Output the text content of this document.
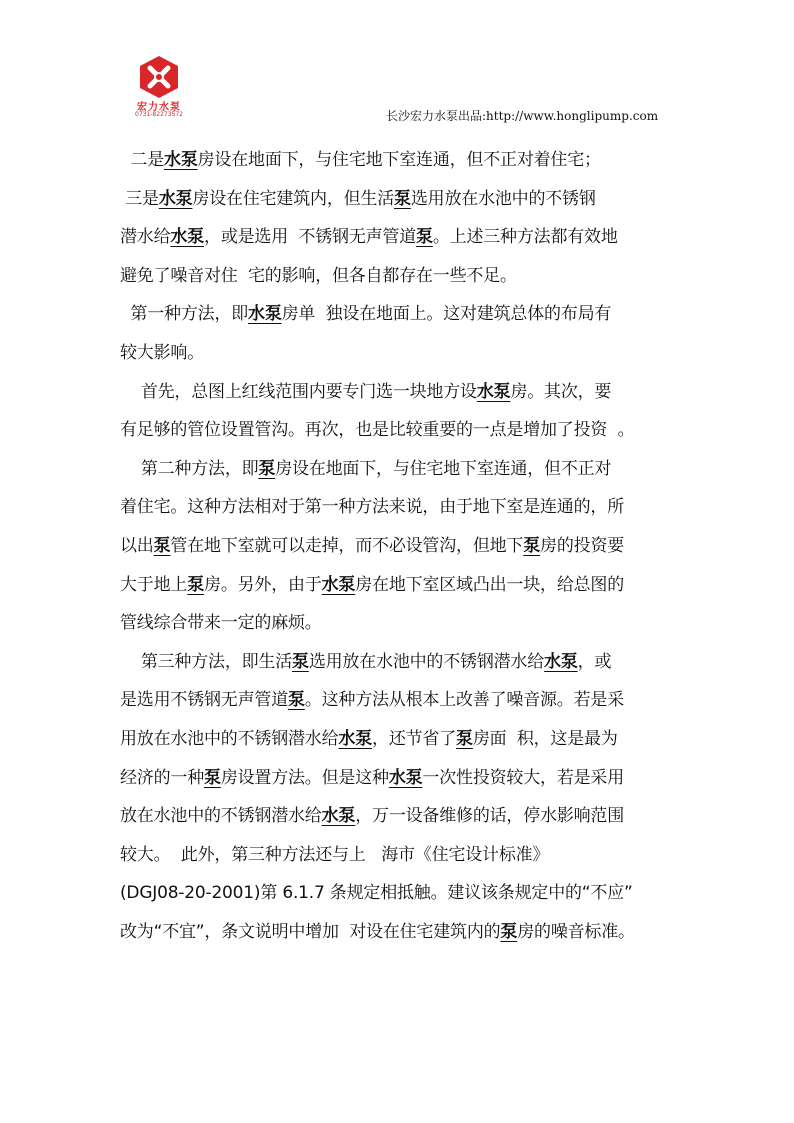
宏力水泵
0731-82273572	长沙宏力水泵出品:http://www.honglipump.com
二是水泵房设在地面下，与住宅地下室连通，但不正对着住宅；
三是水泵房设在住宅建筑内，但生活泵选用放在水池中的不锈钢
潜水给水泵，或是选用  不锈钢无声管道泵。上述三种方法都有效地
避免了噪音对住  宅的影响，但各自都存在一些不足。
第一种方法，即水泵房单  独设在地面上。这对建筑总体的布局有
较大影响。
首先，总图上红线范围内要专门选一块地方设水泵房。其次，要
有足够的管位设置管沟。再次，也是比较重要的一点是增加了投资  。
第二种方法，即泵房设在地面下，与住宅地下室连通，但不正对
着住宅。这种方法相对于第一种方法来说，由于地下室是连通的，所
以出泵管在地下室就可以走掉，而不必设管沟，但地下泵房的投资要
大于地上泵房。另外，由于水泵房在地下室区域凸出一块，给总图的
管线综合带来一定的麻烦。
第三种方法，即生活泵选用放在水池中的不锈钢潜水给水泵，或
是选用不锈钢无声管道泵。这种方法从根本上改善了噪音源。若是采
用放在水池中的不锈钢潜水给水泵，还节省了泵房面  积，这是最为
经济的一种泵房设置方法。但是这种水泵一次性投资较大，若是采用
放在水池中的不锈钢潜水给水泵，万一设备维修的话，停水影响范围
较大。  此外，第三种方法还与上   海市《住宅设计标准》
(DGJ08-20-2001)第 6.1.7 条规定相抵触。建议该条规定中的“不应”
改为“不宜”，条文说明中增加  对设在住宅建筑内的泵房的噪音标准。
